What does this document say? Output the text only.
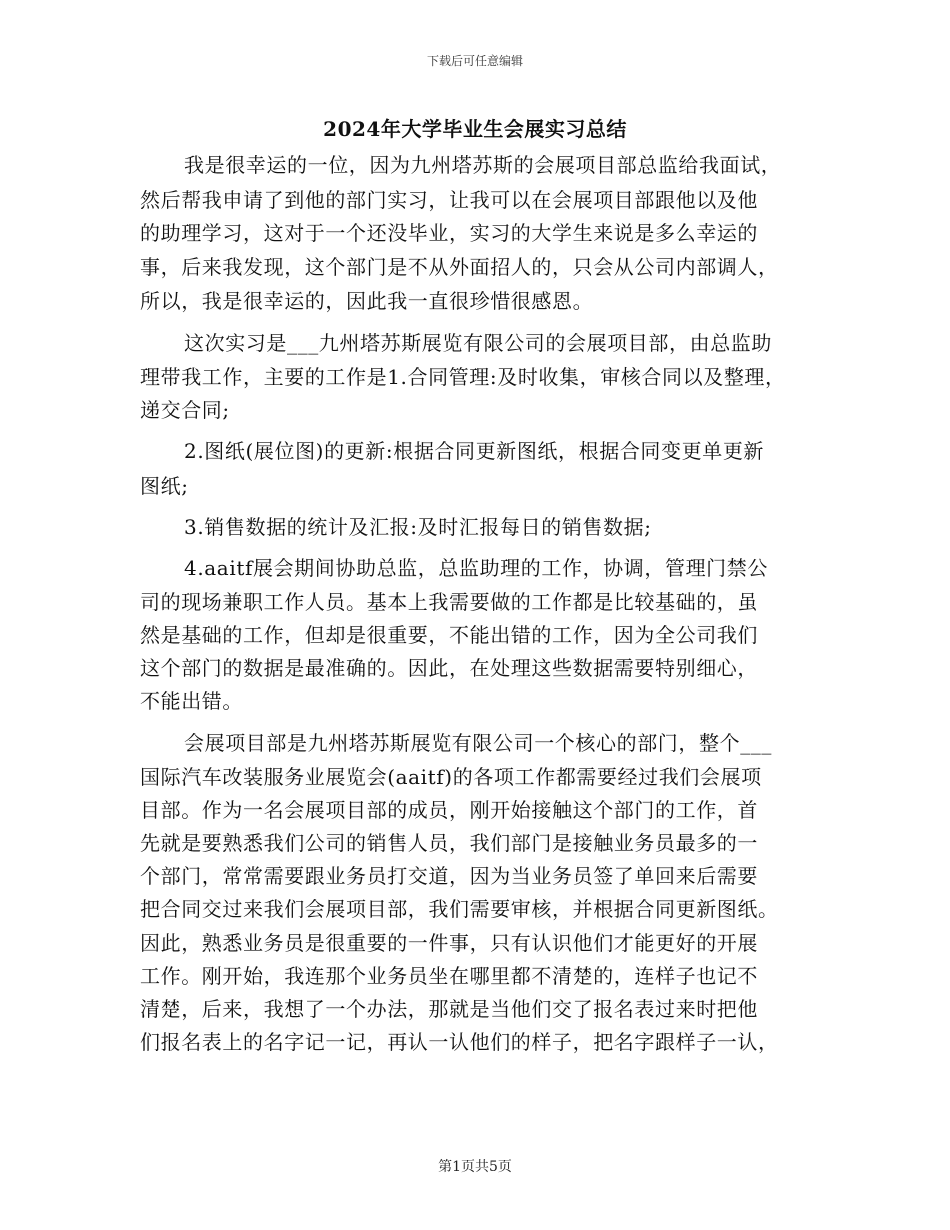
下载后可任意编辑
2024年大学毕业生会展实习总结
我是很幸运的一位，因为九州塔苏斯的会展项目部总监给我面试，
然后帮我申请了到他的部门实习，让我可以在会展项目部跟他以及他
的助理学习，这对于一个还没毕业，实习的大学生来说是多么幸运的
事，后来我发现，这个部门是不从外面招人的，只会从公司内部调人，
所以，我是很幸运的，因此我一直很珍惜很感恩。
这次实习是___九州塔苏斯展览有限公司的会展项目部，由总监助
理带我工作，主要的工作是1.合同管理:及时收集，审核合同以及整理，
递交合同;
2.图纸(展位图)的更新:根据合同更新图纸，根据合同变更单更新
图纸;
3.销售数据的统计及汇报:及时汇报每日的销售数据;
4.aaitf展会期间协助总监，总监助理的工作，协调，管理门禁公
司的现场兼职工作人员。基本上我需要做的工作都是比较基础的，虽
然是基础的工作，但却是很重要，不能出错的工作，因为全公司我们
这个部门的数据是最准确的。因此，在处理这些数据需要特别细心，
不能出错。
会展项目部是九州塔苏斯展览有限公司一个核心的部门，整个___
国际汽车改装服务业展览会(aaitf)的各项工作都需要经过我们会展项
目部。作为一名会展项目部的成员，刚开始接触这个部门的工作，首
先就是要熟悉我们公司的销售人员，我们部门是接触业务员最多的一
个部门，常常需要跟业务员打交道，因为当业务员签了单回来后需要
把合同交过来我们会展项目部，我们需要审核，并根据合同更新图纸。
因此，熟悉业务员是很重要的一件事，只有认识他们才能更好的开展
工作。刚开始，我连那个业务员坐在哪里都不清楚的，连样子也记不
清楚，后来，我想了一个办法，那就是当他们交了报名表过来时把他
们报名表上的名字记一记，再认一认他们的样子，把名字跟样子一认，
第1页共5页
